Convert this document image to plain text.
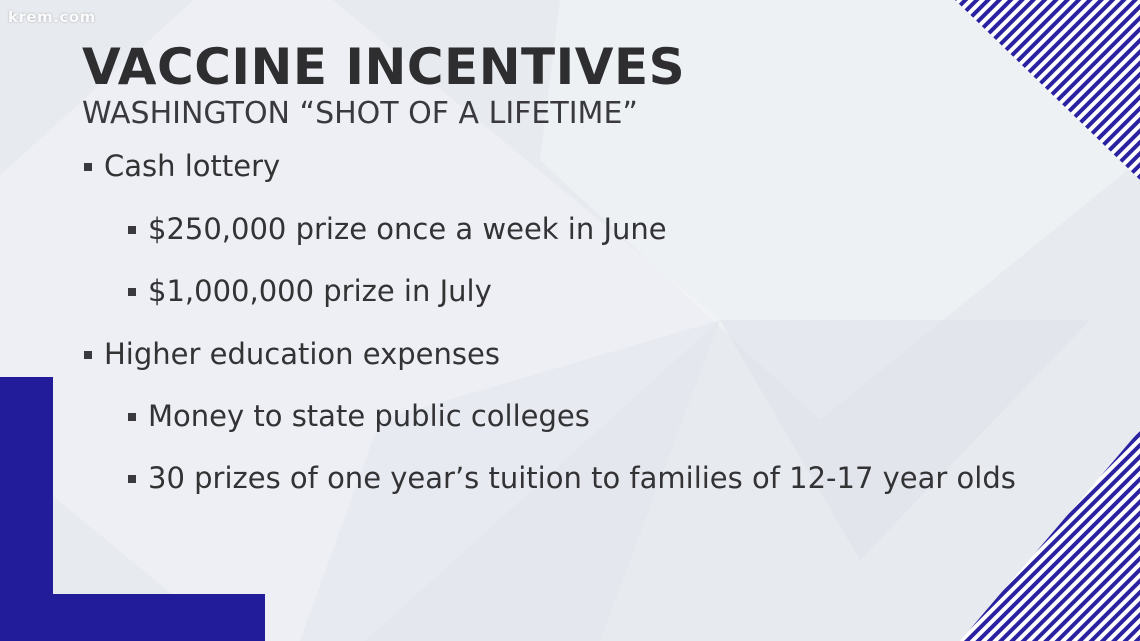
krem.com
VACCINE INCENTIVES
WASHINGTON “SHOT OF A LIFETIME”
Cash lottery
$250,000 prize once a week in June
$1,000,000 prize in July
Higher education expenses
Money to state public colleges
30 prizes of one year’s tuition to families of 12-17 year olds
